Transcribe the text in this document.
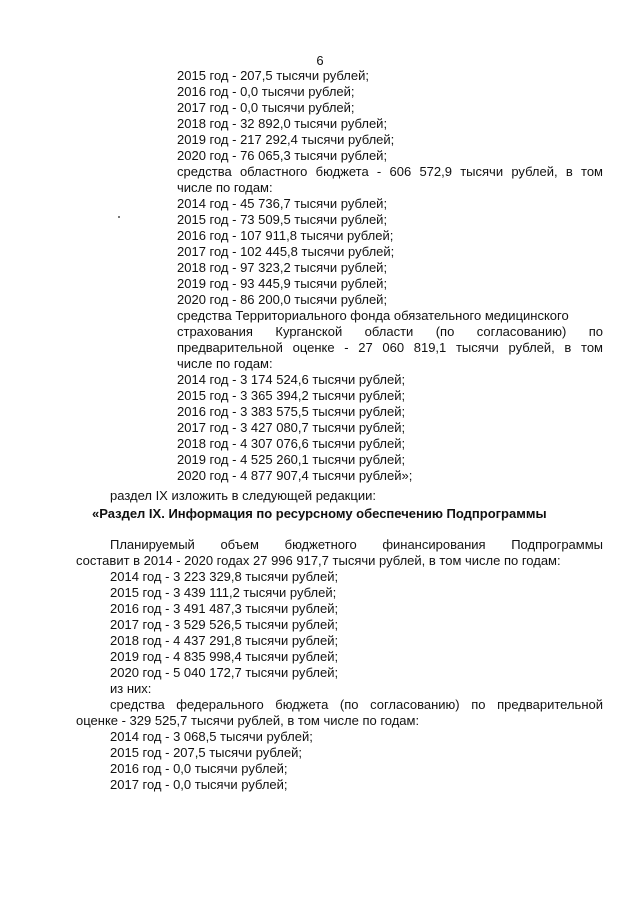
6
2015 год - 207,5 тысячи рублей;
2016 год - 0,0 тысячи рублей;
2017 год - 0,0 тысячи рублей;
2018 год - 32 892,0 тысячи рублей;
2019 год - 217 292,4 тысячи рублей;
2020 год - 76 065,3 тысячи рублей;
средства областного бюджета - 606 572,9 тысячи рублей, в том
числе по годам:
2014 год - 45 736,7 тысячи рублей;
2015 год - 73 509,5 тысячи рублей;
2016 год - 107 911,8 тысячи рублей;
2017 год - 102 445,8 тысячи рублей;
2018 год - 97 323,2 тысячи рублей;
2019 год - 93 445,9 тысячи рублей;
2020 год - 86 200,0 тысячи рублей;
средства Территориального фонда обязательного медицинского
страхования Курганской области (по согласованию) по
предварительной оценке - 27 060 819,1 тысячи рублей, в том
числе по годам:
2014 год - 3 174 524,6 тысячи рублей;
2015 год - 3 365 394,2 тысячи рублей;
2016 год - 3 383 575,5 тысячи рублей;
2017 год - 3 427 080,7 тысячи рублей;
2018 год - 4 307 076,6 тысячи рублей;
2019 год - 4 525 260,1 тысячи рублей;
2020 год - 4 877 907,4 тысячи рублей»;
раздел IX изложить в следующей редакции:
«Раздел IX. Информация по ресурсному обеспечению Подпрограммы
Планируемый объем бюджетного финансирования Подпрограммы
составит в 2014 - 2020 годах 27 996 917,7 тысячи рублей, в том числе по годам:
2014 год - 3 223 329,8 тысячи рублей;
2015 год - 3 439 111,2 тысячи рублей;
2016 год - 3 491 487,3 тысячи рублей;
2017 год - 3 529 526,5 тысячи рублей;
2018 год - 4 437 291,8 тысячи рублей;
2019 год - 4 835 998,4 тысячи рублей;
2020 год - 5 040 172,7 тысячи рублей;
из них:
средства федерального бюджета (по согласованию) по предварительной
оценке - 329 525,7 тысячи рублей, в том числе по годам:
2014 год - 3 068,5 тысячи рублей;
2015 год - 207,5 тысячи рублей;
2016 год - 0,0 тысячи рублей;
2017 год - 0,0 тысячи рублей;
